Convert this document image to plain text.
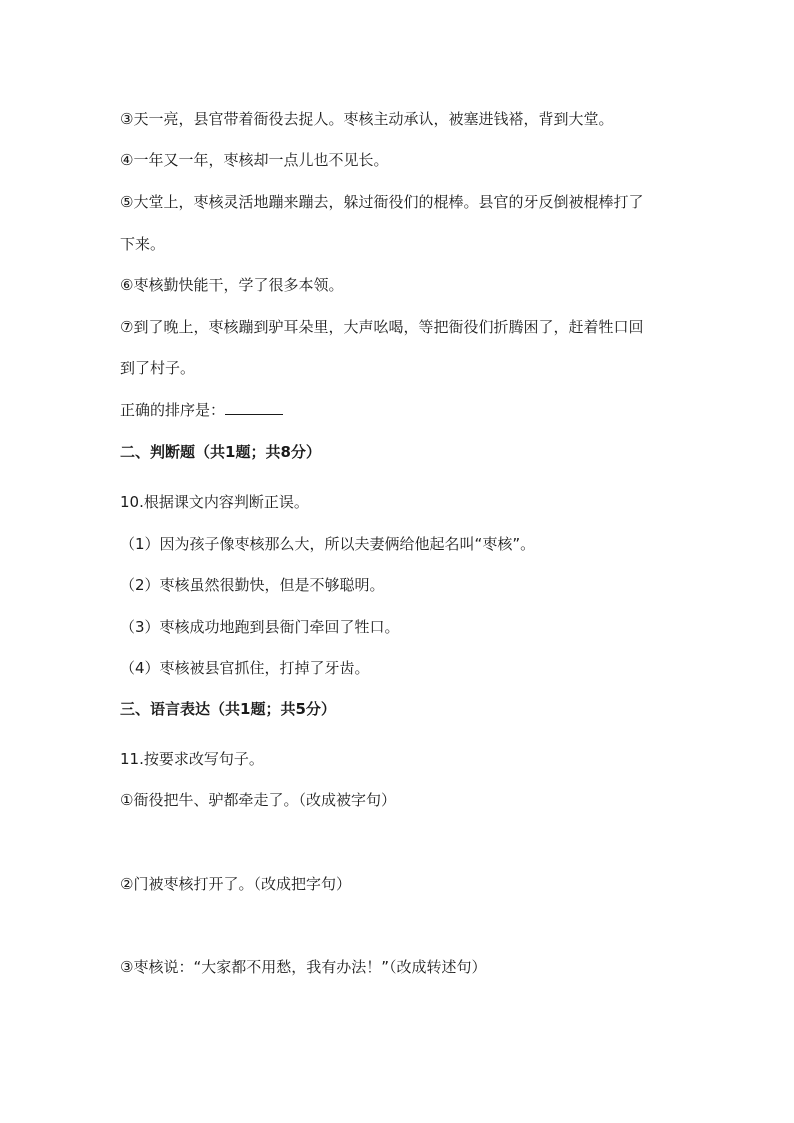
③天一亮，县官带着衙役去捉人。枣核主动承认，被塞进钱褡，背到大堂。
④一年又一年，枣核却一点儿也不见长。
⑤大堂上，枣核灵活地蹦来蹦去，躲过衙役们的棍棒。县官的牙反倒被棍棒打了
下来。
⑥枣核勤快能干，学了很多本领。
⑦到了晚上，枣核蹦到驴耳朵里，大声吆喝，等把衙役们折腾困了，赶着牲口回
到了村子。
正确的排序是：
二、判断题（共1题；共8分）
10.根据课文内容判断正误。
（1）因为孩子像枣核那么大，所以夫妻俩给他起名叫“枣核”。
（2）枣核虽然很勤快，但是不够聪明。
（3）枣核成功地跑到县衙门牵回了牲口。
（4）枣核被县官抓住，打掉了牙齿。
三、语言表达（共1题；共5分）
11.按要求改写句子。
①衙役把牛、驴都牵走了。（改成被字句）
②门被枣核打开了。（改成把字句）
③枣核说：“大家都不用愁，我有办法！”（改成转述句）
